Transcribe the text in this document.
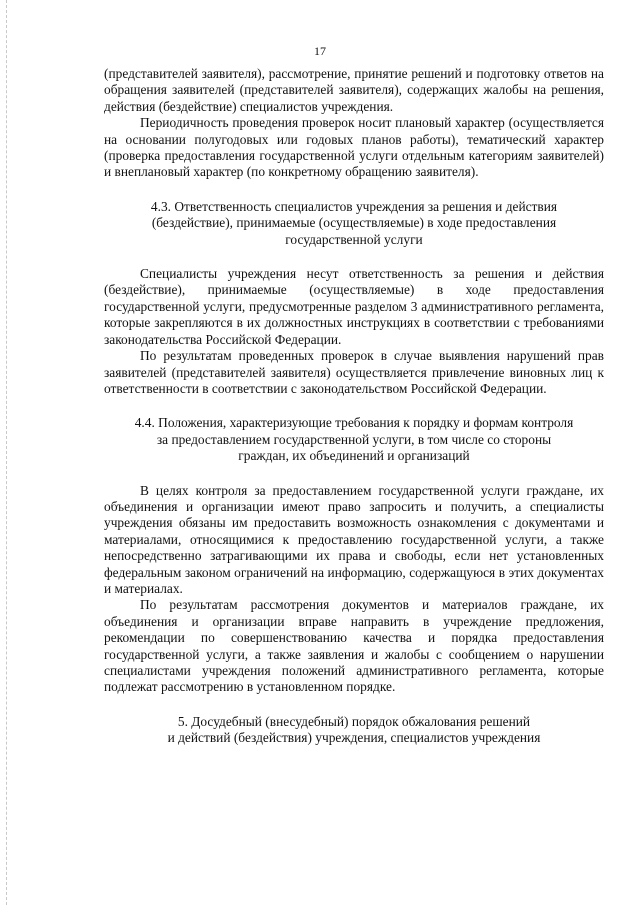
17

(представителей заявителя), рассмотрение, принятие решений и подготовку ответов на обращения заявителей (представителей заявителя), содержащих жалобы на решения, действия (бездействие) специалистов учреждения.

Периодичность проведения проверок носит плановый характер (осуществляется на основании полугодовых или годовых планов работы), тематический характер (проверка предоставления государственной услуги отдельным категориям заявителей) и внеплановый характер (по конкретному обращению заявителя).

4.3. Ответственность специалистов учреждения за решения и действия
(бездействие), принимаемые (осуществляемые) в ходе предоставления
государственной услуги

Специалисты учреждения несут ответственность за решения и действия (бездействие), принимаемые (осуществляемые) в ходе предоставления государственной услуги, предусмотренные разделом 3 административного регламента, которые закрепляются в их должностных инструкциях в соответствии с требованиями законодательства Российской Федерации.

По результатам проведенных проверок в случае выявления нарушений прав заявителей (представителей заявителя) осуществляется привлечение виновных лиц к ответственности в соответствии с законодательством Российской Федерации.

4.4. Положения, характеризующие требования к порядку и формам контроля
за предоставлением государственной услуги, в том числе со стороны
граждан, их объединений и организаций

В целях контроля за предоставлением государственной услуги граждане, их объединения и организации имеют право запросить и получить, а специалисты учреждения обязаны им предоставить возможность ознакомления с документами и материалами, относящимися к предоставлению государственной услуги, а также непосредственно затрагивающими их права и свободы, если нет установленных федеральным законом ограничений на информацию, содержащуюся в этих документах и материалах.

По результатам рассмотрения документов и материалов граждане, их объединения и организации вправе направить в учреждение предложения, рекомендации по совершенствованию качества и порядка предоставления государственной услуги, а также заявления и жалобы с сообщением о нарушении специалистами учреждения положений административного регламента, которые подлежат рассмотрению в установленном порядке.

5. Досудебный (внесудебный) порядок обжалования решений
и действий (бездействия) учреждения, специалистов учреждения
